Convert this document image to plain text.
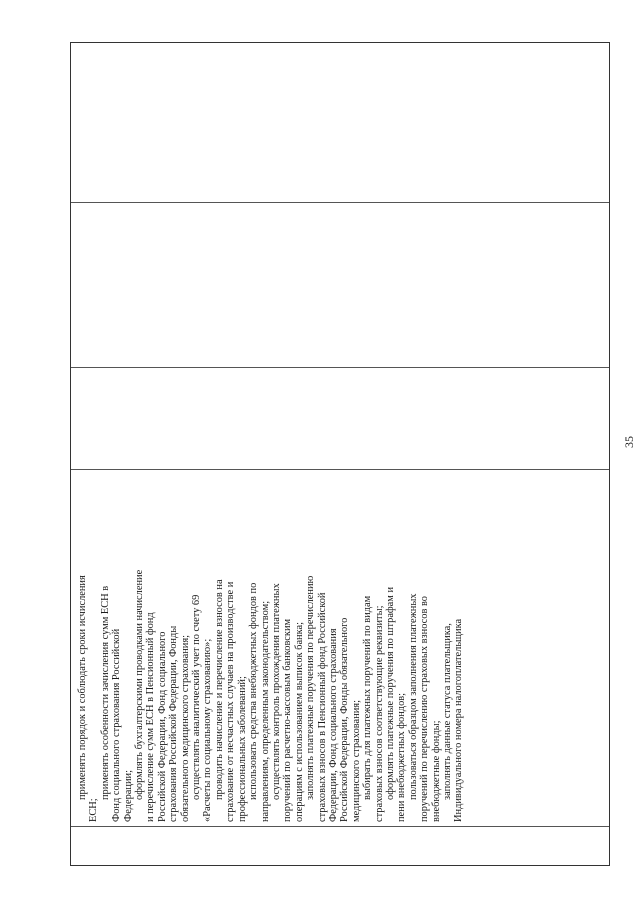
35
применять порядок и соблюдать сроки исчисления
ЕСН;
применять особенности зачисления сумм ЕСН в Фонд социального страхования Российской Федерации; оформлять бухгалтерскими проводками начисление и перечисление сумм ЕСН в Пенсионный фонд Российской Федерации, Фонд социального страхования Российской Федерации, Фонды обязательного медицинского страхования; осуществлять аналитический учет по счету 69 «Расчеты по социальному страхованию»; проводить начисление и перечисление взносов на страхование от несчастных случаев на производстве и профессиональных заболеваний; использовать средства внебюджетных фондов по направлениям, определенным законодательством; осуществлять контроль прохождения платежных поручений по расчетно-кассовым банковским операциям с использованием выписок банка; заполнять платежные поручения по перечислению страховых взносов в Пенсионный фонд Российской Федерации, Фонд социального страхования Российской Федерации, Фонды обязательного медицинского страхования; выбирать для платежных поручений по видам страховых взносов соответствующие реквизиты; оформлять платежные поручения по штрафам и пени внебюджетных фондов; пользоваться образцом заполнения платежных поручений по перечислению страховых взносов во внебюджетные фонды; заполнять данные статуса плательщика, Индивидуального номера налогоплательщика
